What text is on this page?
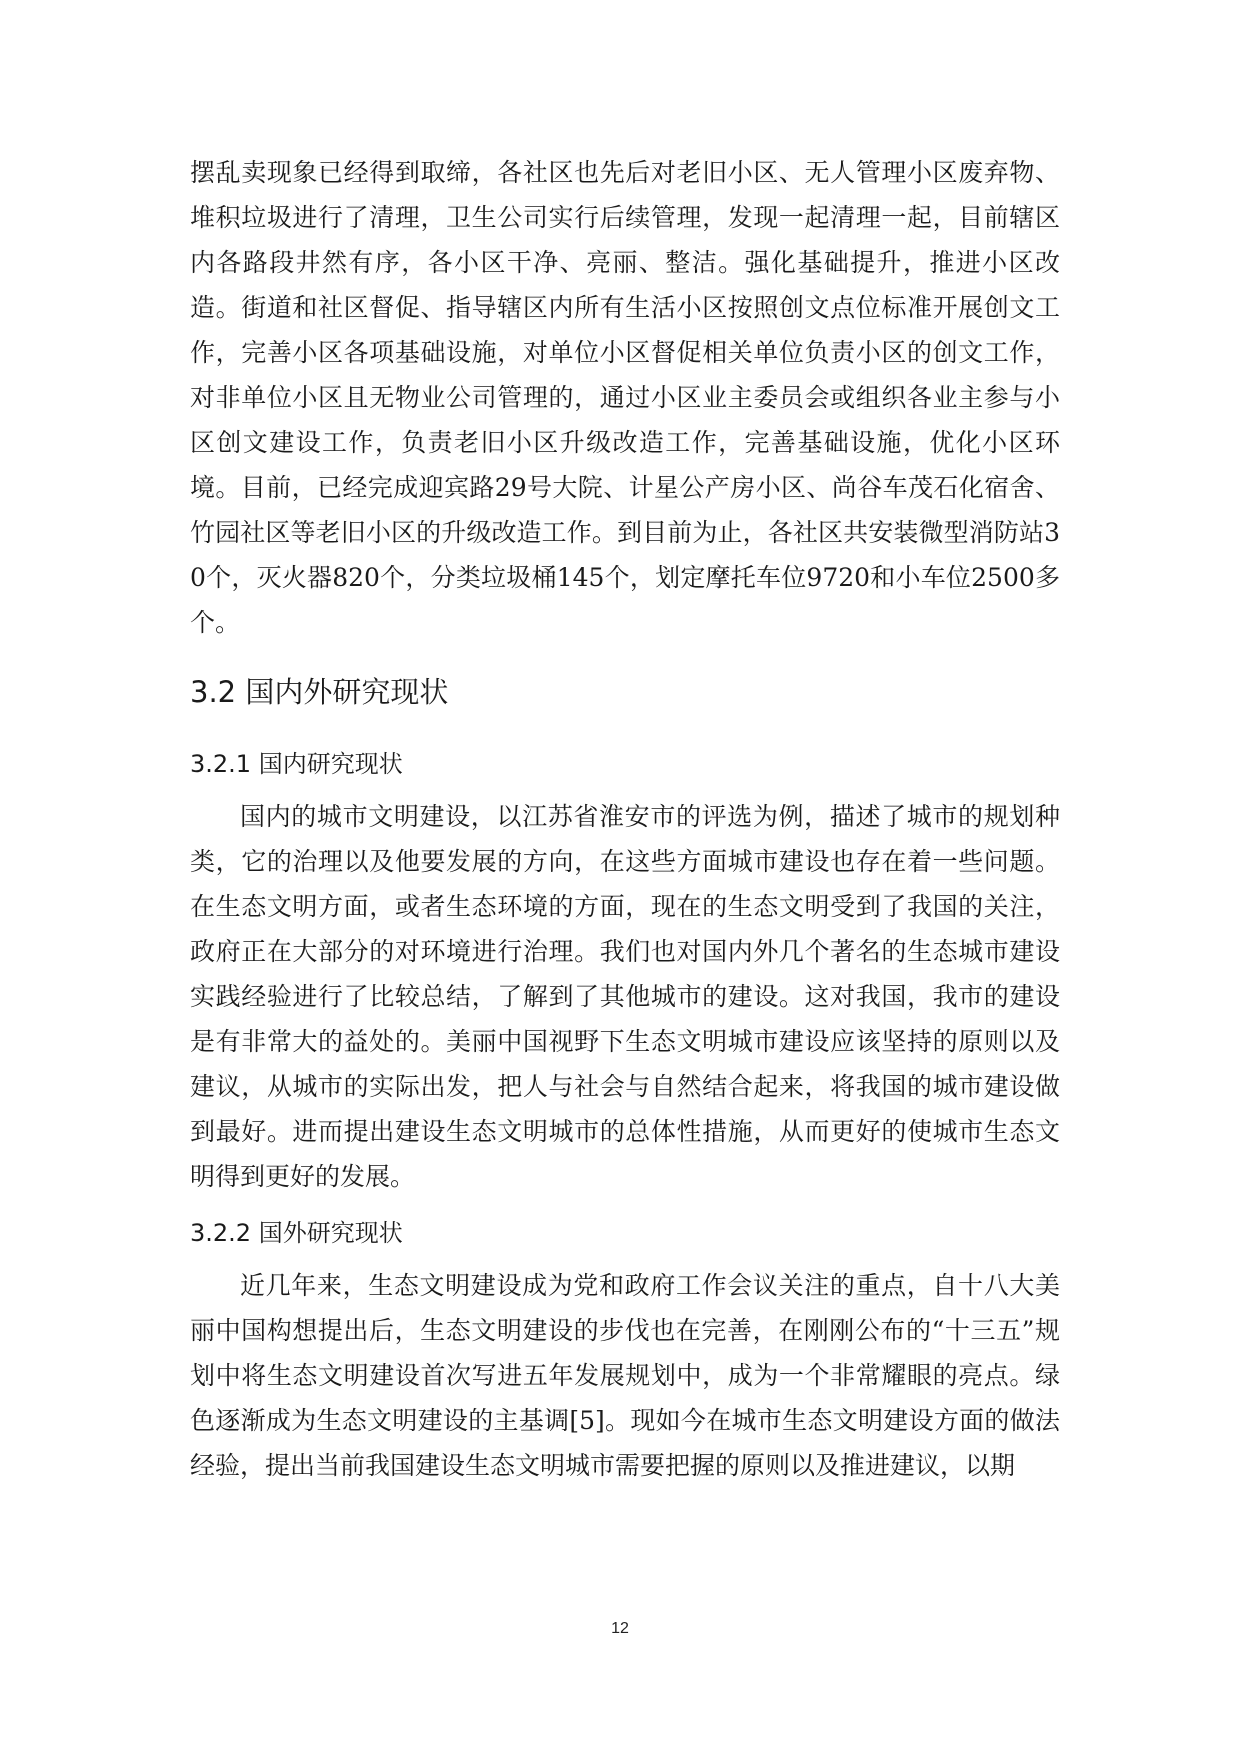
摆乱卖现象已经得到取缔，各社区也先后对老旧小区、无人管理小区废弃物、堆积垃圾进行了清理，卫生公司实行后续管理，发现一起清理一起，目前辖区内各路段井然有序，各小区干净、亮丽、整洁。强化基础提升，推进小区改造。街道和社区督促、指导辖区内所有生活小区按照创文点位标准开展创文工作，完善小区各项基础设施，对单位小区督促相关单位负责小区的创文工作，对非单位小区且无物业公司管理的，通过小区业主委员会或组织各业主参与小区创文建设工作，负责老旧小区升级改造工作，完善基础设施，优化小区环境。目前，已经完成迎宾路29号大院、计星公产房小区、尚谷车茂石化宿舍、竹园社区等老旧小区的升级改造工作。到目前为止，各社区共安装微型消防站30个，灭火器820个，分类垃圾桶145个，划定摩托车位9720和小车位2500多个。

3.2 国内外研究现状
3.2.1 国内研究现状

国内的城市文明建设，以江苏省淮安市的评选为例，描述了城市的规划种类，它的治理以及他要发展的方向，在这些方面城市建设也存在着一些问题。在生态文明方面，或者生态环境的方面，现在的生态文明受到了我国的关注，政府正在大部分的对环境进行治理。我们也对国内外几个著名的生态城市建设实践经验进行了比较总结，了解到了其他城市的建设。这对我国，我市的建设是有非常大的益处的。美丽中国视野下生态文明城市建设应该坚持的原则以及建议，从城市的实际出发，把人与社会与自然结合起来，将我国的城市建设做到最好。进而提出建设生态文明城市的总体性措施，从而更好的使城市生态文明得到更好的发展。

3.2.2 国外研究现状

近几年来，生态文明建设成为党和政府工作会议关注的重点，自十八大美丽中国构想提出后，生态文明建设的步伐也在完善，在刚刚公布的“十三五”规划中将生态文明建设首次写进五年发展规划中，成为一个非常耀眼的亮点。绿色逐渐成为生态文明建设的主基调[5]。现如今在城市生态文明建设方面的做法经验，提出当前我国建设生态文明城市需要把握的原则以及推进建议，以期

12
